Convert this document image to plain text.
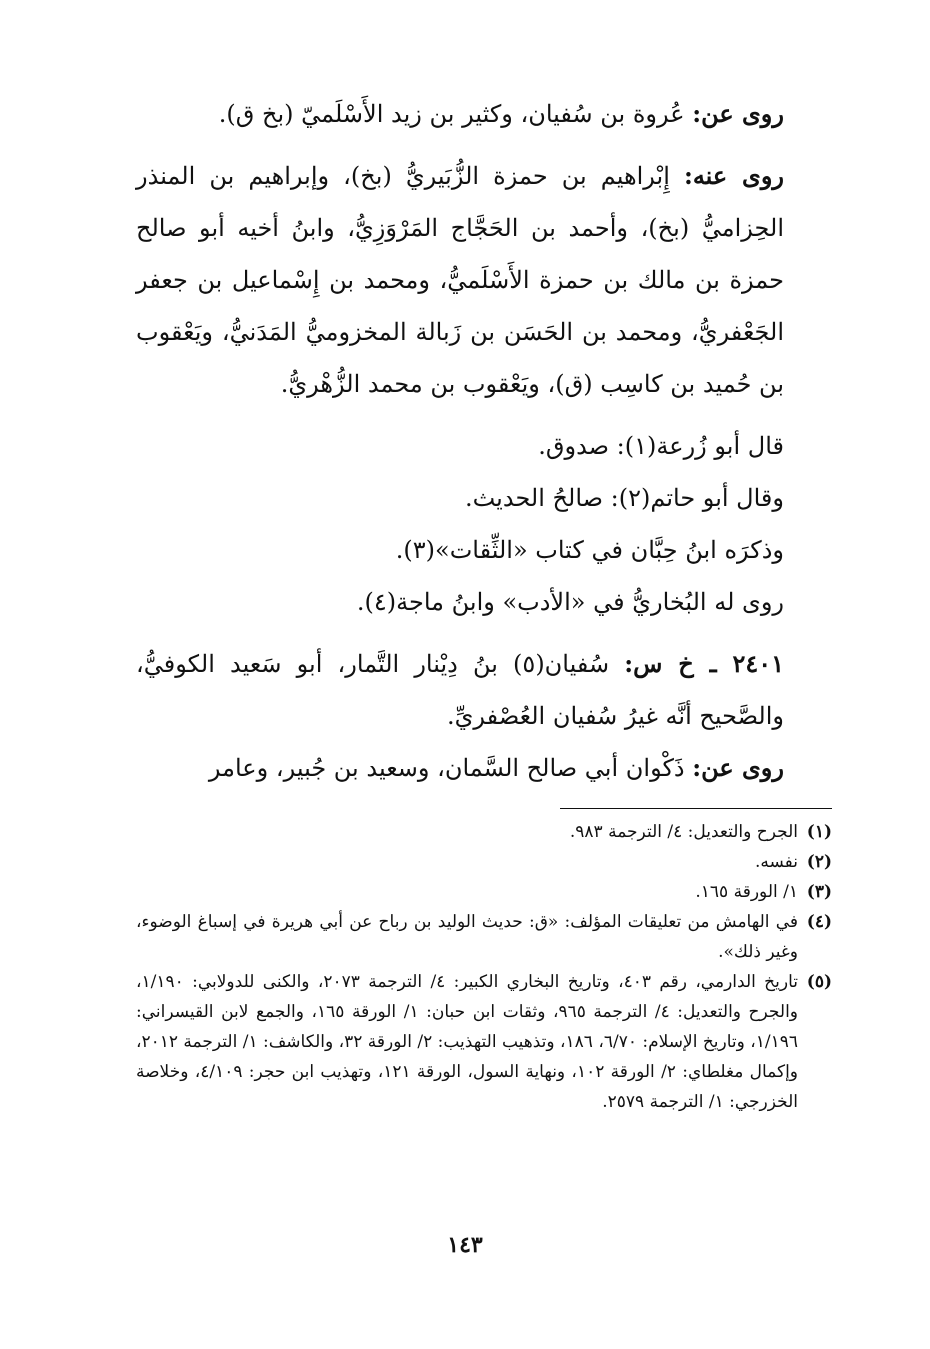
روى عن: عُروة بن سُفيان، وكثير بن زيد الأَسْلَميّ (بخ ق).

روى عنه: إِبْراهيم بن حمزة الزُّبَيريُّ (بخ)، وإبراهيم بن المنذر الحِزاميُّ (بخ)، وأحمد بن الحَجَّاج المَرْوَزِيُّ، وابنُ أخيه أبو صالح حمزة بن مالك بن حمزة الأَسْلَميُّ، ومحمد بن إِسْماعيل بن جعفر الجَعْفريُّ، ومحمد بن الحَسَن بن زَبالة المخزوميُّ المَدَنيُّ، ويَعْقوب بن حُميد بن كاسِب (ق)، ويَعْقوب بن محمد الزُّهْريُّ.

قال أبو زُرعة(١): صدوق.

وقال أبو حاتم(٢): صالحُ الحديث.

وذكرَه ابنُ حِبَّان في كتاب «الثِّقات»(٣).

روى له البُخاريُّ في «الأدب» وابنُ ماجة(٤).

٢٤٠١ ـ خ س: سُفيان(٥) بنُ دِيْنار التَّمار، أبو سَعيد الكوفيُّ، والصَّحيح أنَّه غيرُ سُفيان العُصْفريِّ.

روى عن: ذَكْوان أبي صالح السَّمان، وسعيد بن جُبير، وعامر

(١)
الجرح والتعديل: ٤/ الترجمة ٩٨٣.
(٢)
نفسه.
(٣)
١/ الورقة ١٦٥.
(٤)
في الهامش من تعليقات المؤلف: «ق: حديث الوليد بن رباح عن أبي هريرة في إسباغ الوضوء، وغير ذلك».
(٥)
تاريخ الدارمي، رقم ٤٠٣، وتاريخ البخاري الكبير: ٤/ الترجمة ٢٠٧٣، والكنى للدولابي: ١/١٩٠، والجرح والتعديل: ٤/ الترجمة ٩٦٥، وثقات ابن حبان: ١/ الورقة ١٦٥، والجمع لابن القيسراني: ١/١٩٦، وتاريخ الإسلام: ٦/٧٠، ١٨٦، وتذهيب التهذيب: ٢/ الورقة ٣٢، والكاشف: ١/ الترجمة ٢٠١٢، وإكمال مغلطاي: ٢/ الورقة ١٠٢، ونهاية السول، الورقة ١٢١، وتهذيب ابن حجر: ٤/١٠٩، وخلاصة الخزرجي: ١/ الترجمة ٢٥٧٩.
١٤٣
